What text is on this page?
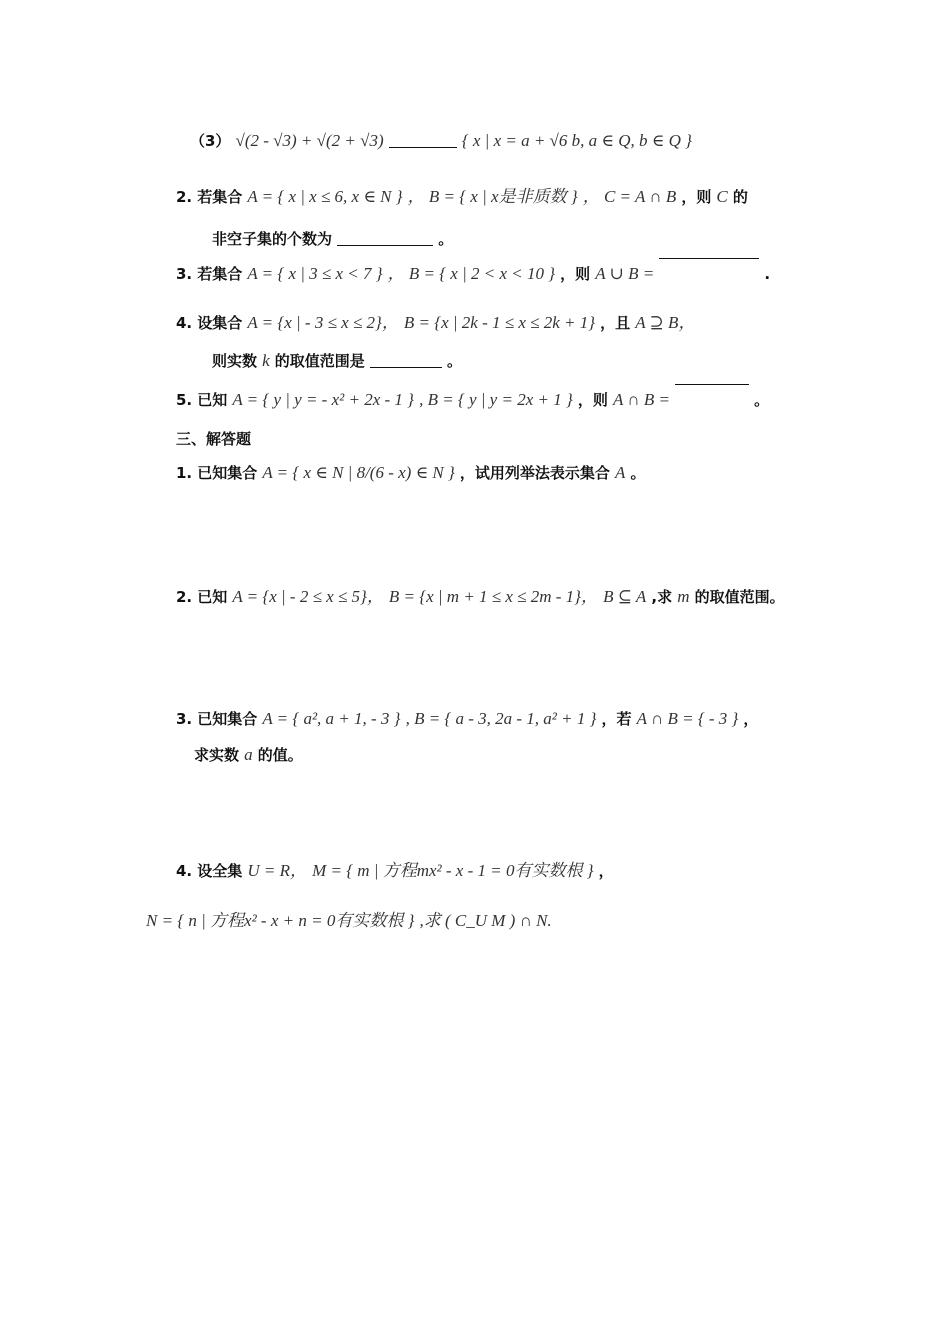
（3） √(2 - √3) + √(2 + √3)	{ x | x = a + √6 b, a ∈ Q, b ∈ Q }
2. 若集合 A = { x | x ≤ 6, x ∈ N } ， B = { x | x是非质数 } ， C = A ∩ B ，则 C 的
非空子集的个数为	。
3. 若集合 A = { x | 3 ≤ x < 7 } ， B = { x | 2 < x < 10 } ，则 A ∪ B =	.
4. 设集合 A = {x | - 3 ≤ x ≤ 2}， B = {x | 2k - 1 ≤ x ≤ 2k + 1} ，且 A ⊇ B，
则实数 k 的取值范围是	。
5. 已知 A = { y | y = - x² + 2x - 1 } , B = { y | y = 2x + 1 } ，则 A ∩ B =	。
三、解答题
1. 已知集合 A = { x ∈ N | 8/(6 - x) ∈ N } ，试用列举法表示集合 A 。
2. 已知 A = {x | - 2 ≤ x ≤ 5}， B = {x | m + 1 ≤ x ≤ 2m - 1}， B ⊆ A ,求 m 的取值范围。
3. 已知集合 A = { a², a + 1, - 3 } , B = { a - 3, 2a - 1, a² + 1 } ，若 A ∩ B = { - 3 } ，
求实数 a 的值。
4. 设全集 U = R， M = { m | 方程mx² - x - 1 = 0有实数根 } ，
N = { n | 方程x² - x + n = 0有实数根 } ,求 ( C_U M ) ∩ N.
